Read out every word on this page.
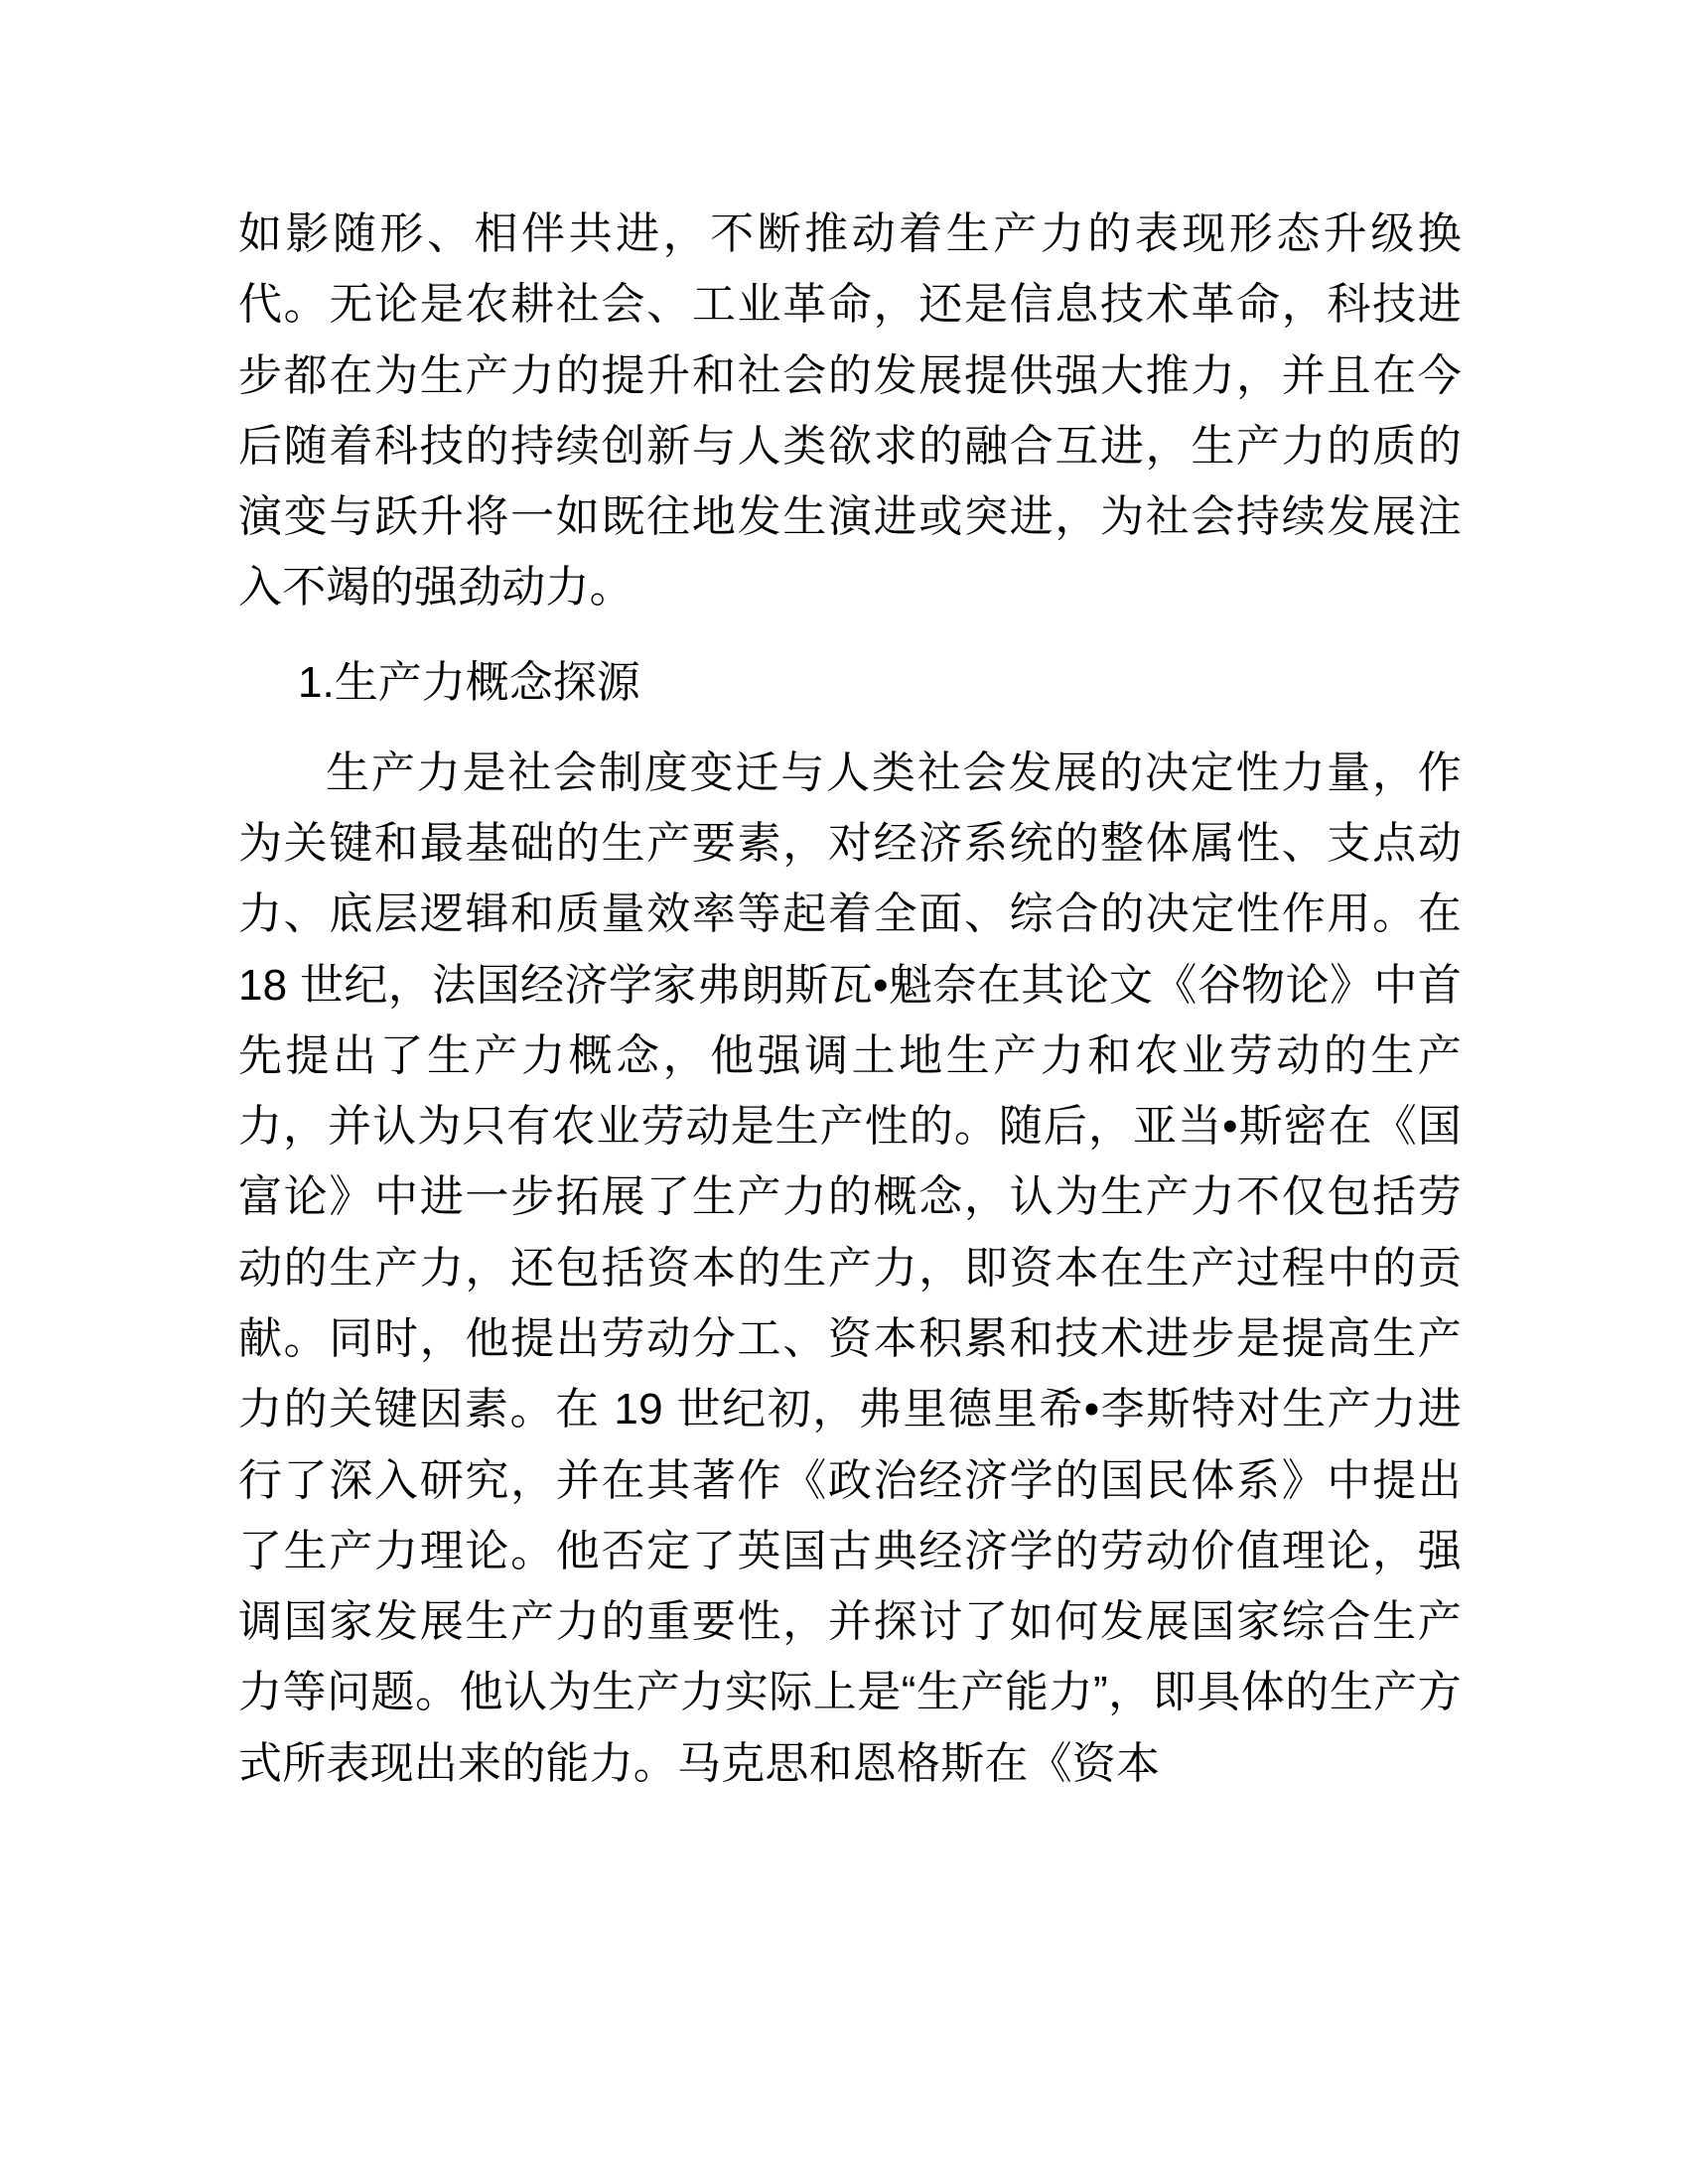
如影随形、相伴共进，不断推动着生产力的表现形态升级换代。无论是农耕社会、工业革命，还是信息技术革命，科技进步都在为生产力的提升和社会的发展提供强大推力，并且在今后随着科技的持续创新与人类欲求的融合互进，生产力的质的演变与跃升将一如既往地发生演进或突进，为社会持续发展注入不竭的强劲动力。

1.生产力概念探源

生产力是社会制度变迁与人类社会发展的决定性力量，作为关键和最基础的生产要素，对经济系统的整体属性、支点动力、底层逻辑和质量效率等起着全面、综合的决定性作用。在 18 世纪，法国经济学家弗朗斯瓦•魁奈在其论文《谷物论》中首先提出了生产力概念，他强调土地生产力和农业劳动的生产力，并认为只有农业劳动是生产性的。随后，亚当•斯密在《国富论》中进一步拓展了生产力的概念，认为生产力不仅包括劳动的生产力，还包括资本的生产力，即资本在生产过程中的贡献。同时，他提出劳动分工、资本积累和技术进步是提高生产力的关键因素。在 19 世纪初，弗里德里希•李斯特对生产力进行了深入研究，并在其著作《政治经济学的国民体系》中提出了生产力理论。他否定了英国古典经济学的劳动价值理论，强调国家发展生产力的重要性，并探讨了如何发展国家综合生产力等问题。他认为生产力实际上是“生产能力”，即具体的生产方式所表现出来的能力。马克思和恩格斯在《资本
